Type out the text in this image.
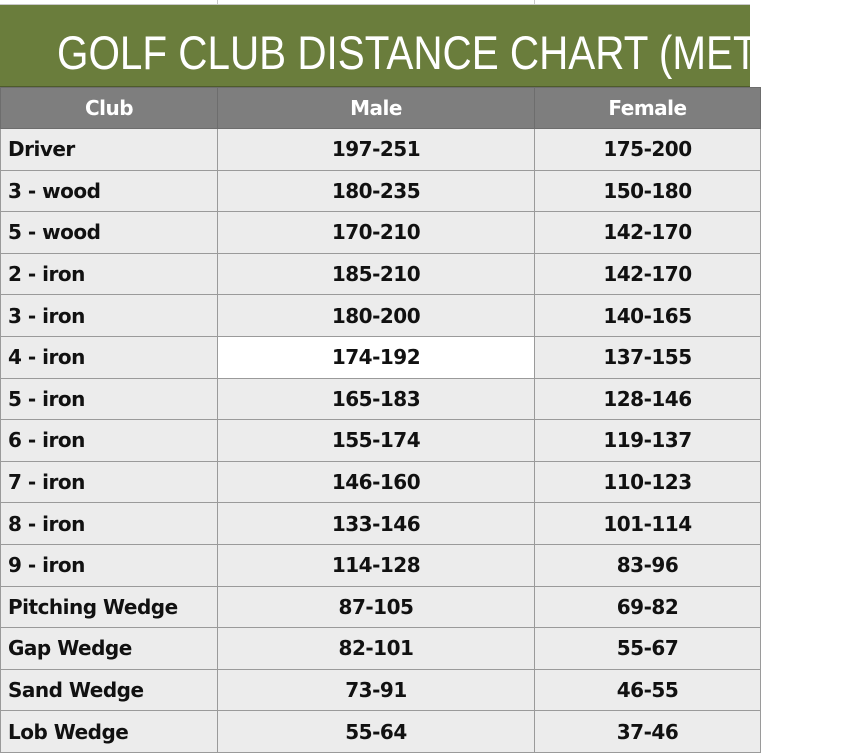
GOLF CLUB DISTANCE CHART (METERS)
Club	Male	Female
Driver	197-251	175-200
3 - wood	180-235	150-180
5 - wood	170-210	142-170
2 - iron	185-210	142-170
3 - iron	180-200	140-165
4 - iron	174-192	137-155
5 - iron	165-183	128-146
6 - iron	155-174	119-137
7 - iron	146-160	110-123
8 - iron	133-146	101-114
9 - iron	114-128	83-96
Pitching Wedge	87-105	69-82
Gap Wedge	82-101	55-67
Sand Wedge	73-91	46-55
Lob Wedge	55-64	37-46
